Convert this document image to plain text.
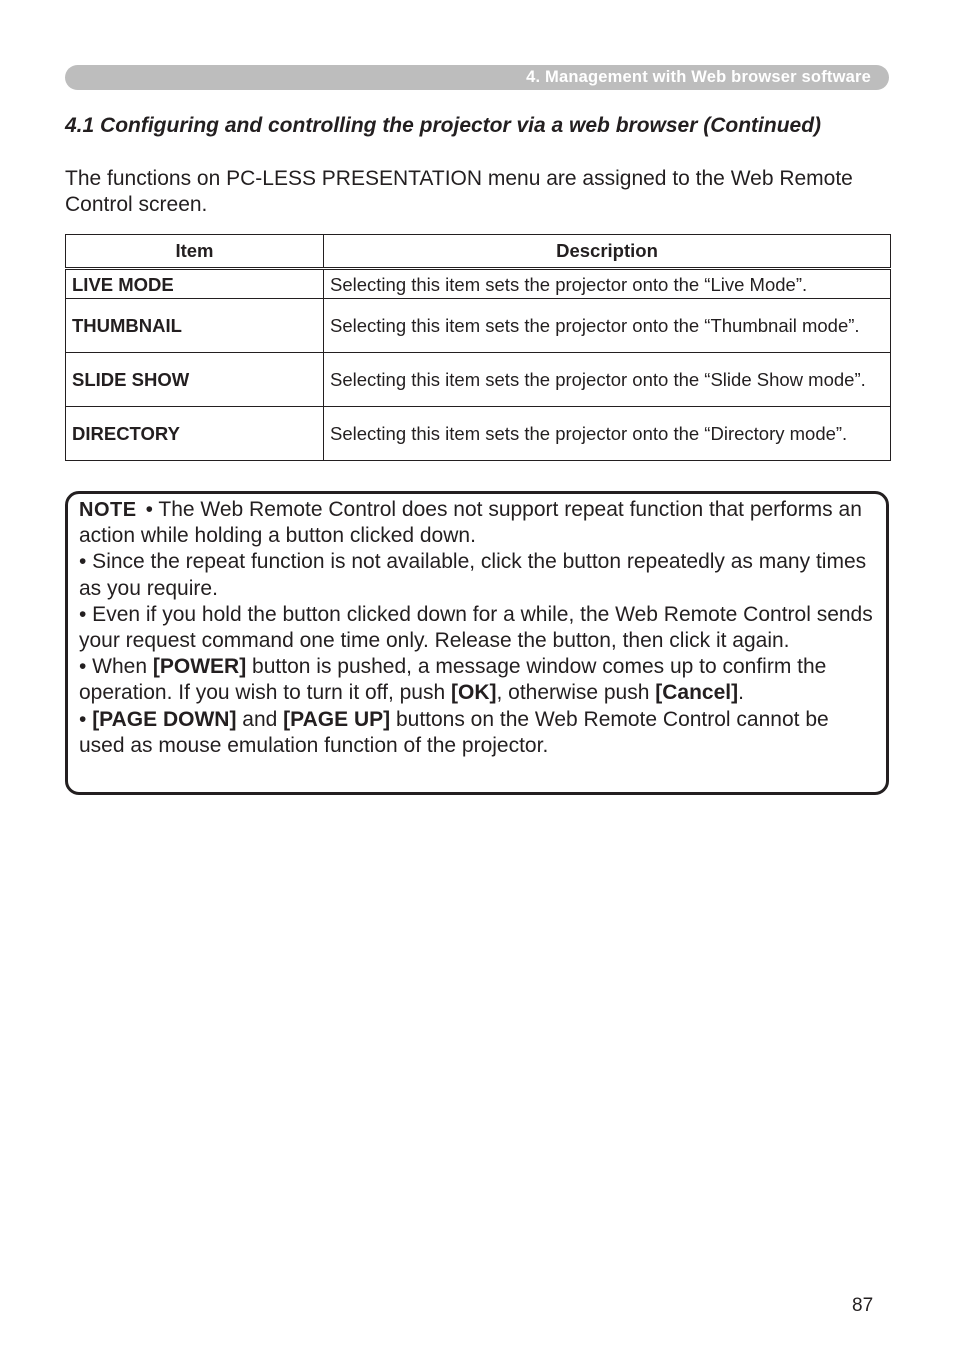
4. Management with Web browser software
4.1 Configuring and controlling the projector via a web browser (Continued)
The functions on PC-LESS PRESENTATION menu are assigned to the Web Remote Control screen.
Item	Description
LIVE MODE	Selecting this item sets the projector onto the “Live Mode”.
THUMBNAIL	Selecting this item sets the projector onto the “Thumbnail mode”.
SLIDE SHOW	Selecting this item sets the projector onto the “Slide Show mode”.
DIRECTORY	Selecting this item sets the projector onto the “Directory mode”.
NOTE • The Web Remote Control does not support repeat function that performs an action while holding a button clicked down.
• Since the repeat function is not available, click the button repeatedly as many times as you require.
• Even if you hold the button clicked down for a while, the Web Remote Control sends your request command one time only. Release the button, then click it again.
• When [POWER] button is pushed, a message window comes up to confirm the operation. If you wish to turn it off, push [OK], otherwise push [Cancel].
• [PAGE DOWN] and [PAGE UP] buttons on the Web Remote Control cannot be used as mouse emulation function of the projector.
87
